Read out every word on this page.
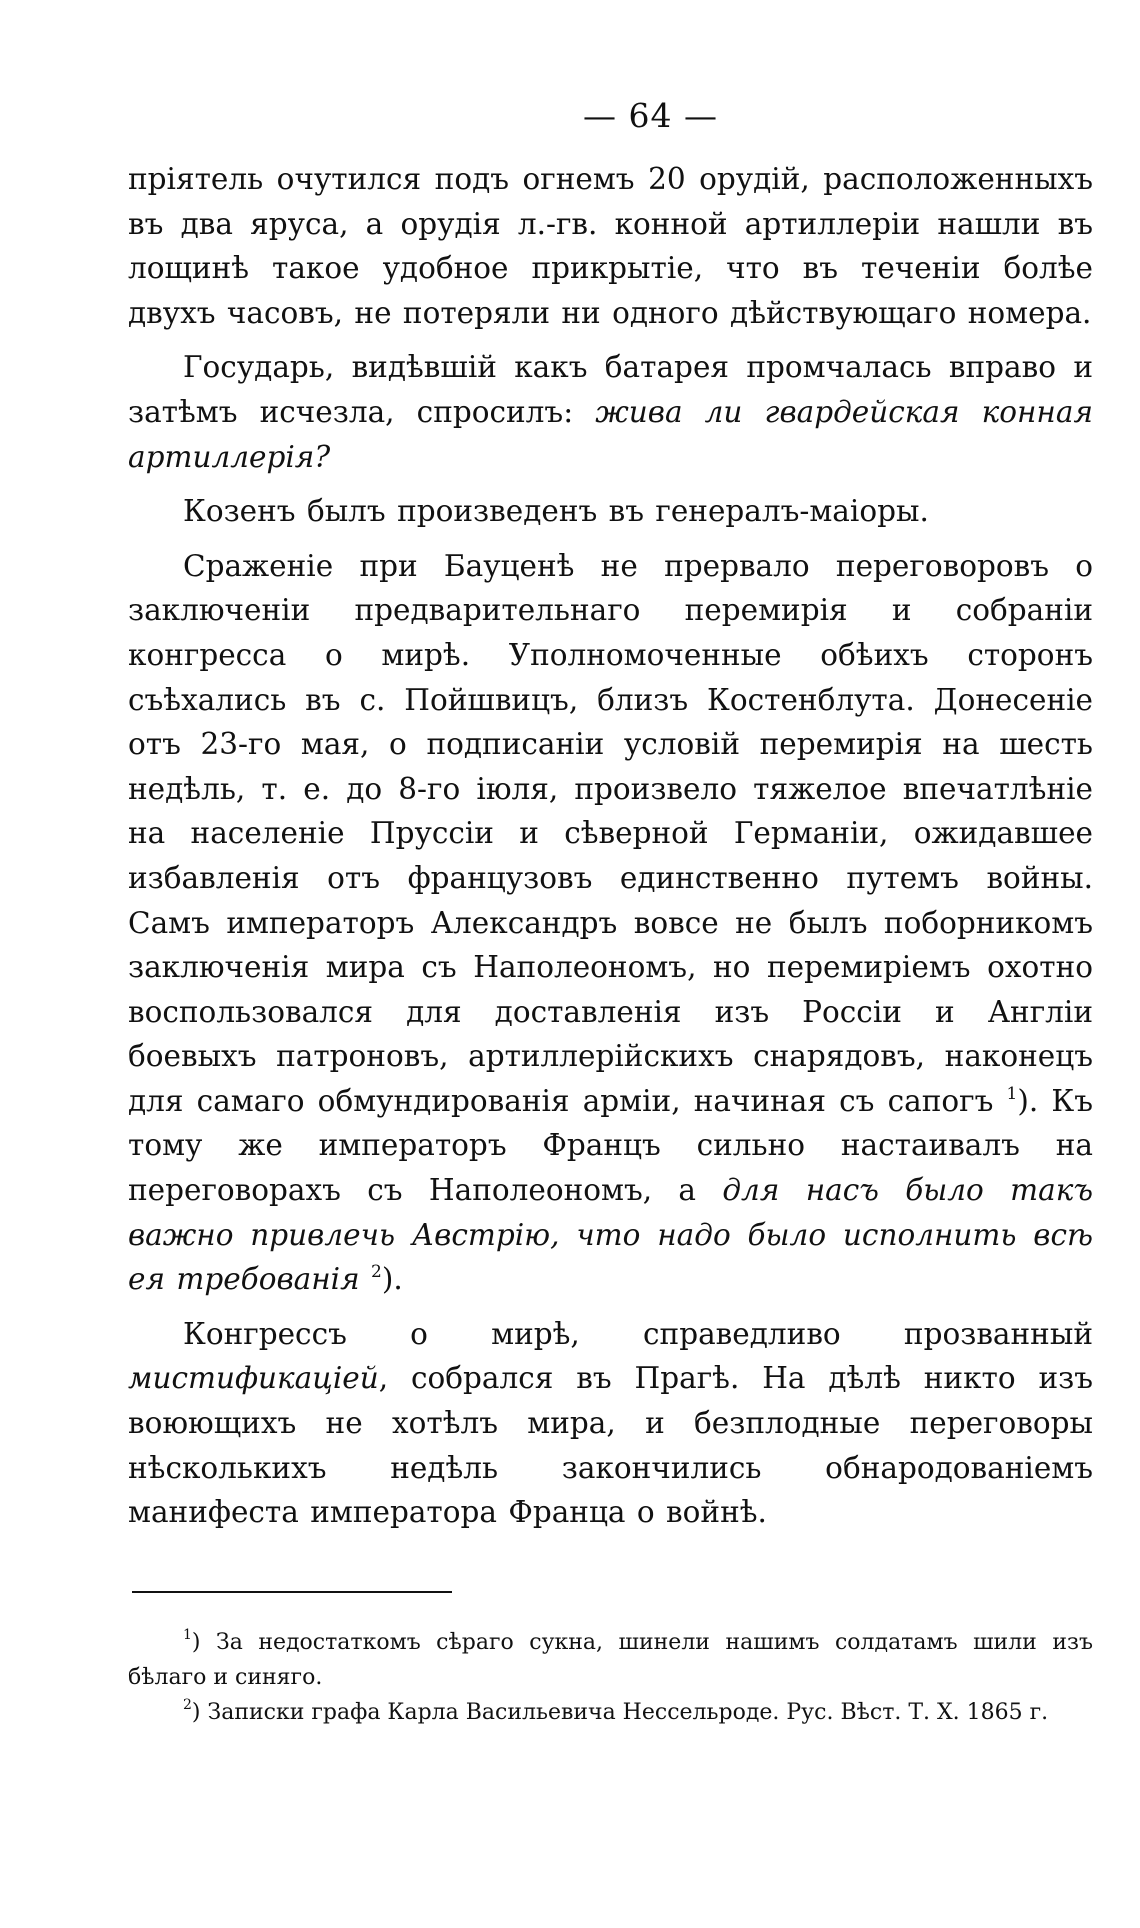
— 64 —

пріятель очутился подъ огнемъ 20 орудій, расположенныхъ въ два яруса, а орудія л.-гв. конной артиллеріи нашли въ лощинѣ такое удобное прикрытіе, что въ теченіи болѣе двухъ часовъ, не потеряли ни одного дѣйствующаго номера.

Государь, видѣвшій какъ батарея промчалась вправо и затѣмъ исчезла, спросилъ: жива ли гвардейская конная артиллерія?

Козенъ былъ произведенъ въ генералъ-маіоры.

Сраженіе при Бауценѣ не прервало переговоровъ о заключеніи предварительнаго перемирія и собраніи конгресса о мирѣ. Уполномоченные обѣихъ сторонъ съѣхались въ с. Пойшвицъ, близъ Костенблута. Донесеніе отъ 23-го мая, о подписаніи условій перемирія на шесть недѣль, т. е. до 8-го іюля, произвело тяжелое впечатлѣніе на населеніе Пруссіи и сѣверной Германіи, ожидавшее избавленія отъ французовъ единственно путемъ войны. Самъ императоръ Александръ вовсе не былъ поборникомъ заключенія мира съ Наполеономъ, но перемиріемъ охотно воспользовался для доставленія изъ Россіи и Англіи боевыхъ патроновъ, артиллерійскихъ снарядовъ, наконецъ для самаго обмундированія арміи, начиная съ сапогъ $^1$). Къ тому же императоръ Францъ сильно настаивалъ на переговорахъ съ Наполеономъ, а для насъ было такъ важно привлечь Австрію, что надо было исполнить всѣ ея требованія $^2$).

Конгрессъ о мирѣ, справедливо прозванный мистификаціей, собрался въ Прагѣ. На дѣлѣ никто изъ воюющихъ не хотѣлъ мира, и безплодные переговоры нѣсколькихъ недѣль закончились обнародованіемъ манифеста императора Франца о войнѣ.

$^1$) За недостаткомъ сѣраго сукна, шинели нашимъ солдатамъ шили изъ бѣлаго и синяго.

$^2$) Записки графа Карла Васильевича Нессельроде. Рус. Вѣст. Т. X. 1865 г.
